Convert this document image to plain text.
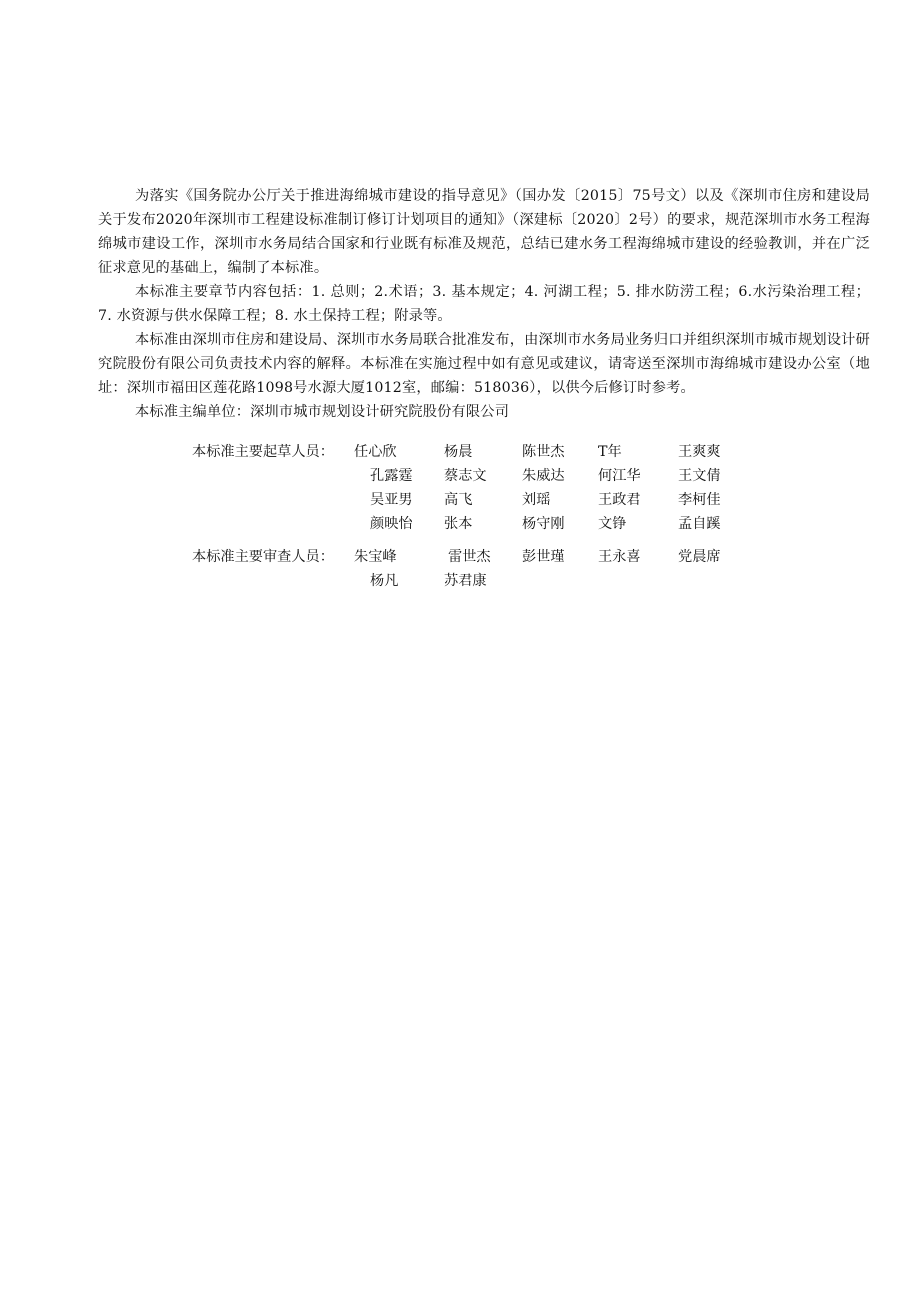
为落实《国务院办公厅关于推进海绵城市建设的指导意见》（国办发〔2015〕75号文）以及《深圳市住房和建设局关于发布2020年深圳市工程建设标准制订修订计划项目的通知》（深建标〔2020〕2号）的要求，规范深圳市水务工程海绵城市建设工作，深圳市水务局结合国家和行业既有标准及规范，总结已建水务工程海绵城市建设的经验教训，并在广泛征求意见的基础上，编制了本标准。

本标准主要章节内容包括：1. 总则；2.术语；3. 基本规定；4. 河湖工程；5. 排水防涝工程；6.水污染治理工程；7. 水资源与供水保障工程；8. 水土保持工程；附录等。

本标准由深圳市住房和建设局、深圳市水务局联合批准发布，由深圳市水务局业务归口并组织深圳市城市规划设计研究院股份有限公司负责技术内容的解释。本标准在实施过程中如有意见或建议，请寄送至深圳市海绵城市建设办公室（地址：深圳市福田区莲花路1098号水源大厦1012室，邮编：518036），以供今后修订时参考。

本标准主编单位：深圳市城市规划设计研究院股份有限公司

本标准主要起草人员： 任心欣	杨晨	陈世杰 T年	王爽爽
孔露霆 蔡志文 朱威达 何江华	王文倩
吴亚男 高飞	刘瑶	王政君	李柯佳
颜映怡 张本	杨守刚 文铮	孟自蹊
本标准主要审查人员： 朱宝峰	雷世杰 彭世瑾 王永喜	党晨席
杨凡	苏君康
